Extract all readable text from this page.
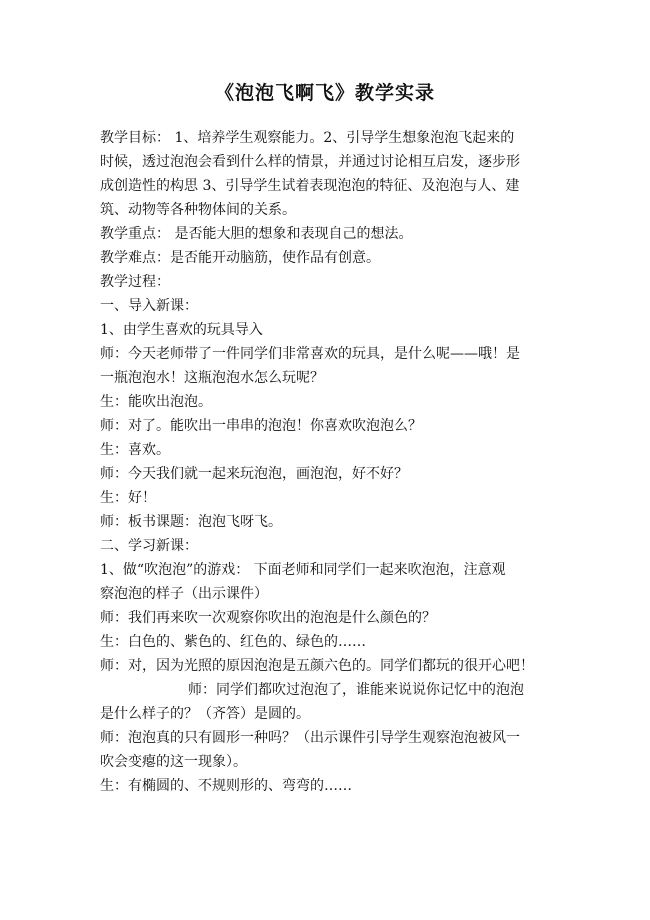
《泡泡飞啊飞》教学实录
教学目标： 1、培养学生观察能力。2、引导学生想象泡泡飞起来的
时候，透过泡泡会看到什么样的情景，并通过讨论相互启发，逐步形
成创造性的构思 3、引导学生试着表现泡泡的特征、及泡泡与人、建
筑、动物等各种物体间的关系。
教学重点： 是否能大胆的想象和表现自己的想法。
教学难点：是否能开动脑筋，使作品有创意。
教学过程：
一、导入新课：
1、由学生喜欢的玩具导入
师：今天老师带了一件同学们非常喜欢的玩具，是什么呢——哦！是
一瓶泡泡水！这瓶泡泡水怎么玩呢？
生：能吹出泡泡。
师：对了。能吹出一串串的泡泡！你喜欢吹泡泡么？
生：喜欢。
师：今天我们就一起来玩泡泡，画泡泡，好不好？
生：好！
师：板书课题：泡泡飞呀飞。
二、学习新课：
1、做“吹泡泡”的游戏： 下面老师和同学们一起来吹泡泡，注意观
察泡泡的样子（出示课件）
师：我们再来吹一次观察你吹出的泡泡是什么颜色的？
生：白色的、紫色的、红色的、绿色的……
师：对，因为光照的原因泡泡是五颜六色的。同学们都玩的很开心吧！
师：同学们都吹过泡泡了，谁能来说说你记忆中的泡泡
是什么样子的？（齐答）是圆的。
师：泡泡真的只有圆形一种吗？（出示课件引导学生观察泡泡被风一
吹会变瘪的这一现象）。
生：有椭圆的、不规则形的、弯弯的……
